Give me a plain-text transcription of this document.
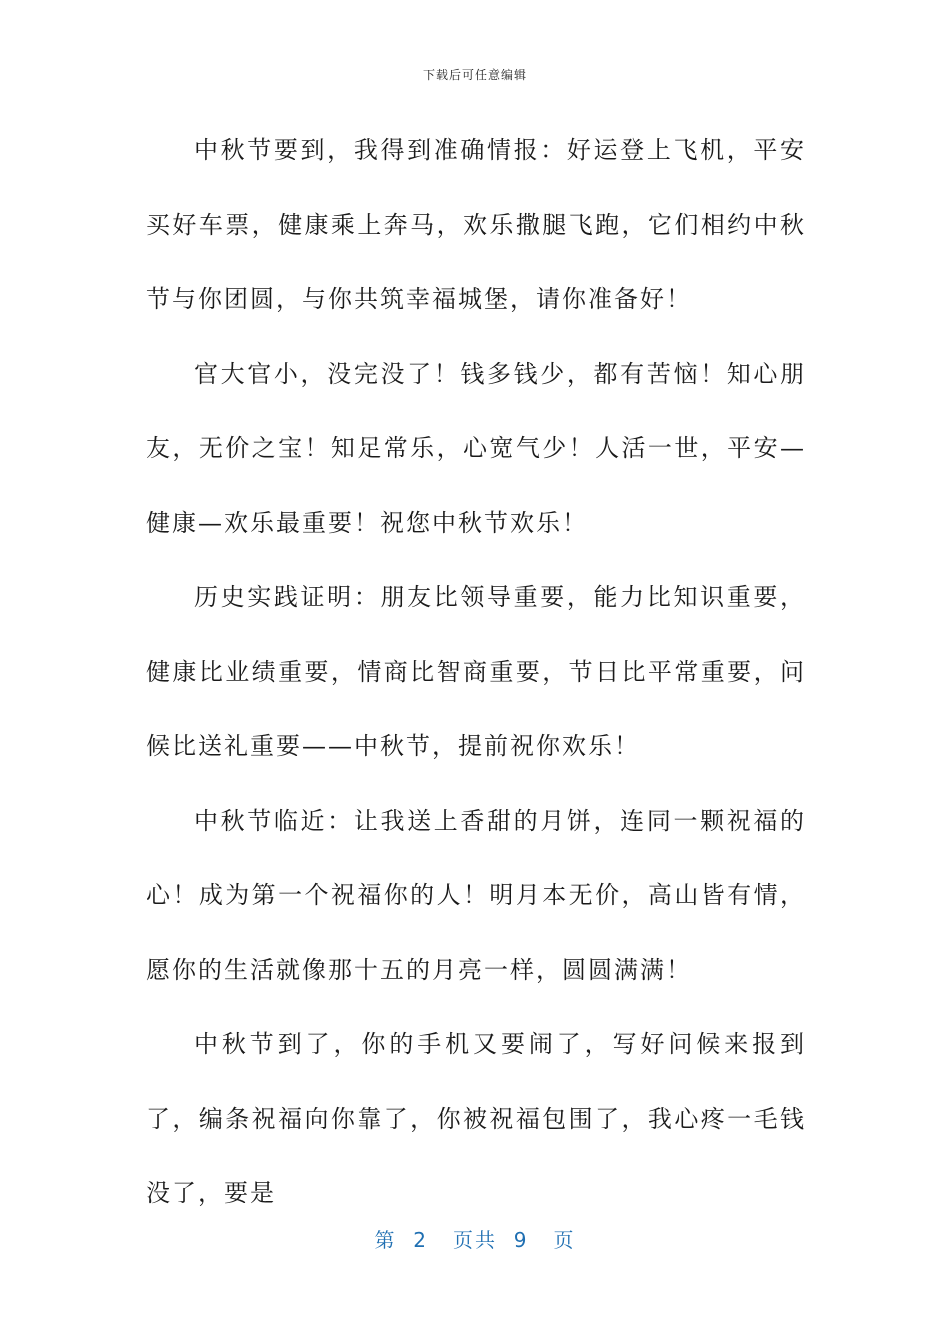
下载后可任意编辑

中秋节要到，我得到准确情报：好运登上飞机，平安买好车票，健康乘上奔马，欢乐撒腿飞跑，它们相约中秋节与你团圆，与你共筑幸福城堡，请你准备好！

官大官小，没完没了！钱多钱少，都有苦恼！知心朋友，无价之宝！知足常乐，心宽气少！人活一世，平安—健康—欢乐最重要！祝您中秋节欢乐！

历史实践证明：朋友比领导重要，能力比知识重要，健康比业绩重要，情商比智商重要，节日比平常重要，问候比送礼重要——中秋节，提前祝你欢乐！

中秋节临近：让我送上香甜的月饼，连同一颗祝福的心！成为第一个祝福你的人！明月本无价，高山皆有情，愿你的生活就像那十五的月亮一样，圆圆满满！

中秋节到了，你的手机又要闹了，写好问候来报到了，编条祝福向你靠了，你被祝福包围了，我心疼一毛钱没了，要是

第  2   页共  9   页
